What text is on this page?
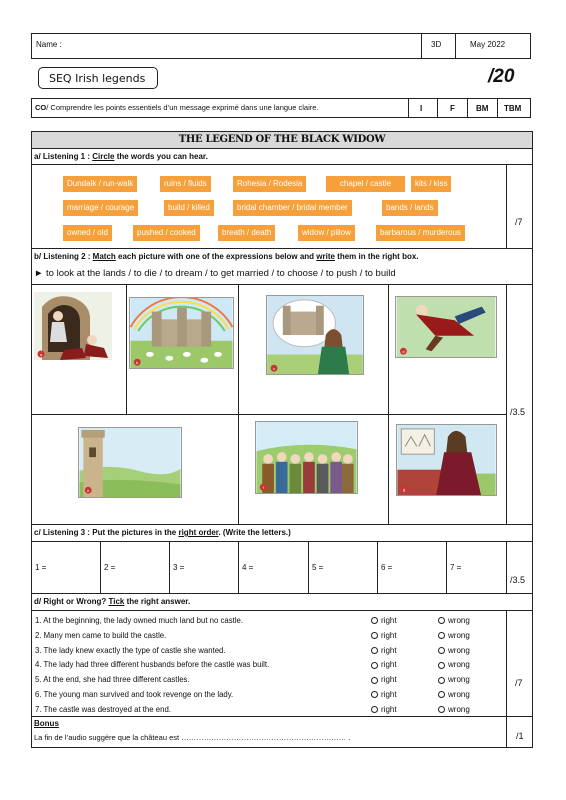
Name :	3D	May 2022
SEQ Irish legends	/20
CO/ Comprendre les points essentiels d’un message exprimé dans une langue claire.	I	F	BM TBM
THE LEGEND OF THE BLACK WIDOW
a/ Listening 1 : Circle the words you can hear.
/7
Dundalk / run-walk	ruins / fluids	Rohesia / Rodesia	chapel / castle	kits / kiss
marriage / courage	build / killed	bridal chamber / bridal member	bands / lands
owned / old	pushed / cooked	breath / death	widow / pillow	barbarous / murderous
b/ Listening 2 : Match each picture with one of the expressions below and write them in the right box.
► to look at the lands / to die / to dream / to get married / to choose / to push / to build
/3.5
a
b
c
d
e
f	g
c/ Listening 3 : Put the pictures in the right order. (Write the letters.)
1 =	2 =	3 =	4 =	5 =	6 =	7 =
/3.5
d/ Right or Wrong? Tick the right answer.
/7
1. At the beginning, the lady owned much land but no castle.	right	wrong
2. Many men came to build the castle.	right	wrong
3. The lady knew exactly the type of castle she wanted.	right	wrong
4. The lady had three different husbands before the castle was built.	right	wrong
5. At the end, she had three different castles.	right	wrong
6. The young man survived and took revenge on the lady.	right	wrong
7. The castle was destroyed at the end.	right	wrong
Bonus
La fin de l’audio suggère que la château est ………………………………………………………… .	/1
